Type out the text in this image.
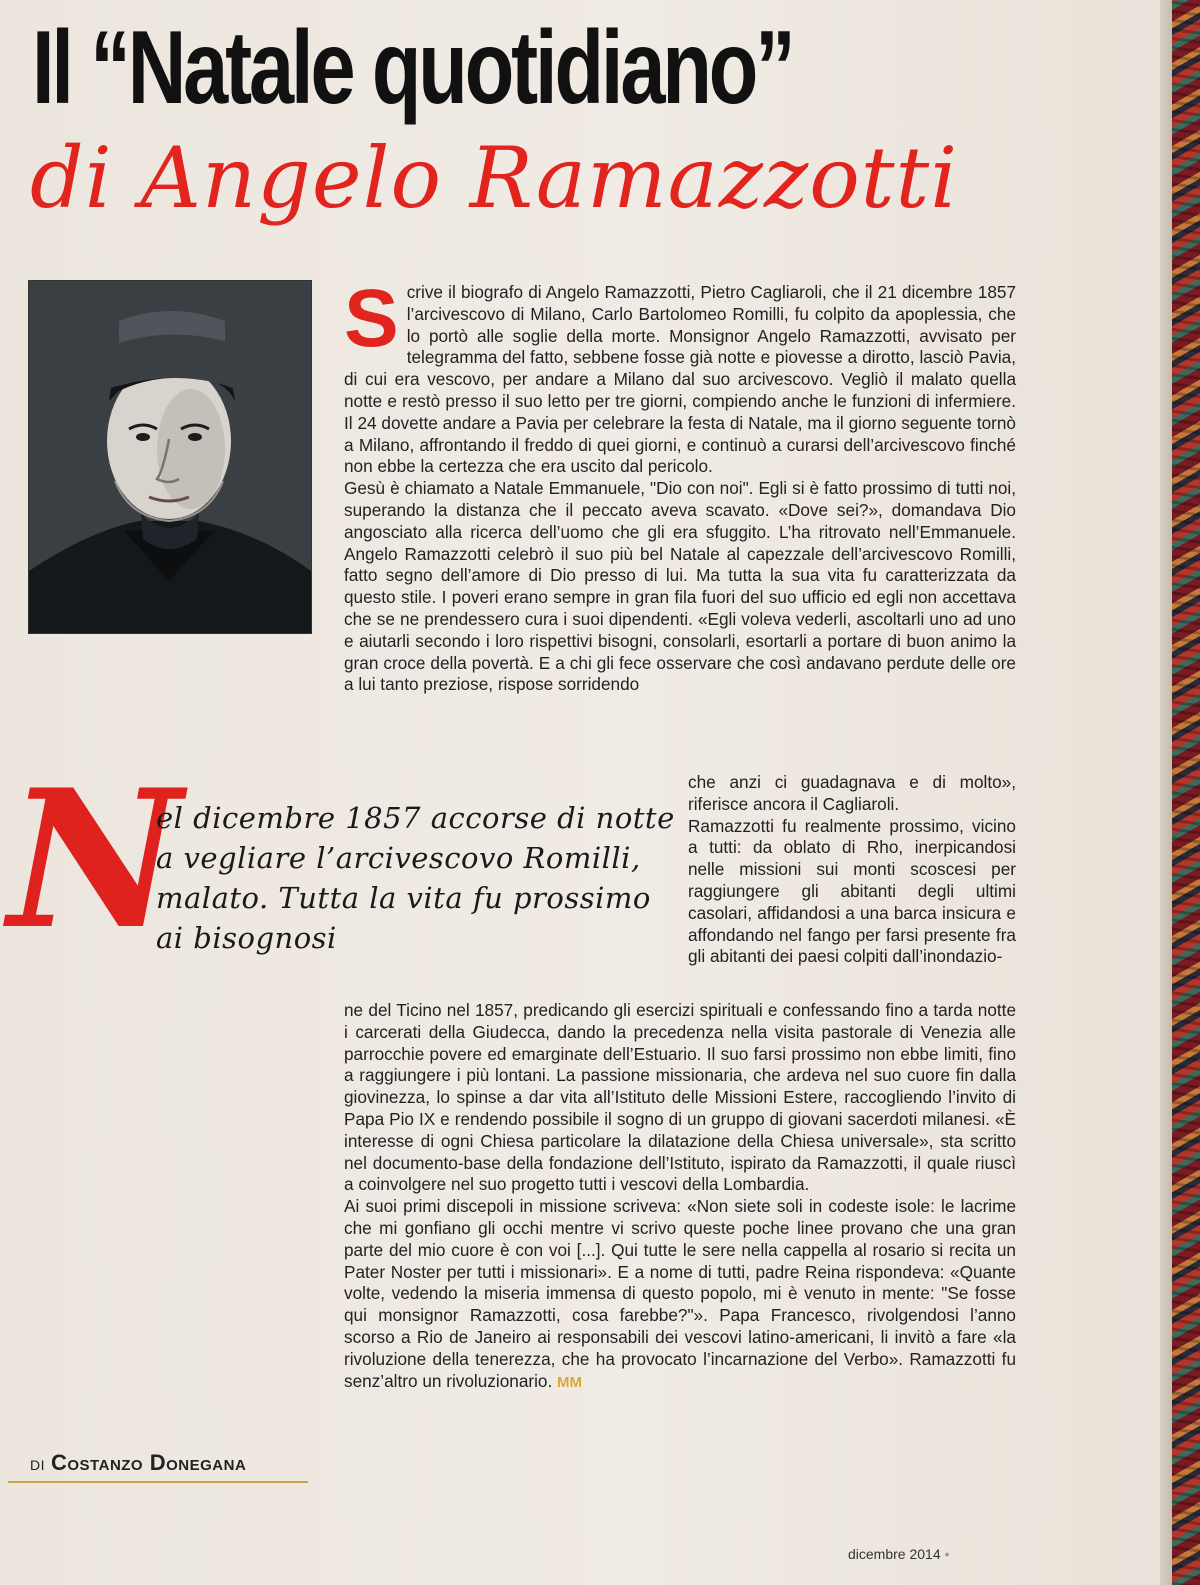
Il “Natale quotidiano”
di Angelo Ramazzotti

Scrive il biografo di Angelo Ramazzotti, Pietro Cagliaroli, che il 21 dicembre 1857 l’arcivescovo di Milano, Carlo Bartolomeo Romilli, fu colpito da apoplessia, che lo portò alle soglie della morte. Monsignor Angelo Ramazzotti, avvisato per telegramma del fatto, sebbene fosse già notte e piovesse a dirotto, lasciò Pavia, di cui era vescovo, per andare a Milano dal suo arcivescovo. Vegliò il malato quella notte e restò presso il suo letto per tre giorni, compiendo anche le funzioni di infermiere. Il 24 dovette andare a Pavia per celebrare la festa di Natale, ma il giorno seguente tornò a Milano, affrontando il freddo di quei giorni, e continuò a curarsi dell’arcivescovo finché non ebbe la certezza che era uscito dal pericolo.

Gesù è chiamato a Natale Emmanuele, "Dio con noi". Egli si è fatto prossimo di tutti noi, superando la distanza che il peccato aveva scavato. «Dove sei?», domandava Dio angosciato alla ricerca dell’uomo che gli era sfuggito. L’ha ritrovato nell’Emmanuele. Angelo Ramazzotti celebrò il suo più bel Natale al capezzale dell’arcivescovo Romilli, fatto segno dell’amore di Dio presso di lui. Ma tutta la sua vita fu caratterizzata da questo stile. I poveri erano sempre in gran fila fuori del suo ufficio ed egli non accettava che se ne prendessero cura i suoi dipendenti. «Egli voleva vederli, ascoltarli uno ad uno e aiutarli secondo i loro rispettivi bisogni, consolarli, esortarli a portare di buon animo la gran croce della povertà. E a chi gli fece osservare che così andavano perdute delle ore a lui tanto preziose, rispose sorridendo

N
el dicembre 1857 accorse di notte a vegliare l’arcivescovo Romilli, malato. Tutta la vita fu prossimo ai bisognosi

che anzi ci guadagnava e di molto», riferisce ancora il Cagliaroli.

Ramazzotti fu realmente prossimo, vicino a tutti: da oblato di Rho, inerpicandosi nelle missioni sui monti scoscesi per raggiungere gli abitanti degli ultimi casolari, affidandosi a una barca insicura e affondando nel fango per farsi presente fra gli abitanti dei paesi colpiti dall’inondazio-

ne del Ticino nel 1857, predicando gli esercizi spirituali e confessando fino a tarda notte i carcerati della Giudecca, dando la precedenza nella visita pastorale di Venezia alle parrocchie povere ed emarginate dell’Estuario. Il suo farsi prossimo non ebbe limiti, fino a raggiungere i più lontani. La passione missionaria, che ardeva nel suo cuore fin dalla giovinezza, lo spinse a dar vita all’Istituto delle Missioni Estere, raccogliendo l’invito di Papa Pio IX e rendendo possibile il sogno di un gruppo di giovani sacerdoti milanesi. «È interesse di ogni Chiesa particolare la dilatazione della Chiesa universale», sta scritto nel documento-base della fondazione dell’Istituto, ispirato da Ramazzotti, il quale riuscì a coinvolgere nel suo progetto tutti i vescovi della Lombardia.

Ai suoi primi discepoli in missione scriveva: «Non siete soli in codeste isole: le lacrime che mi gonfiano gli occhi mentre vi scrivo queste poche linee provano che una gran parte del mio cuore è con voi [...]. Qui tutte le sere nella cappella al rosario si recita un Pater Noster per tutti i missionari». E a nome di tutti, padre Reina rispondeva: «Quante volte, vedendo la miseria immensa di questo popolo, mi è venuto in mente: "Se fosse qui monsignor Ramazzotti, cosa farebbe?"». Papa Francesco, rivolgendosi l’anno scorso a Rio de Janeiro ai responsabili dei vescovi latino-americani, li invitò a fare «la rivoluzione della tenerezza, che ha provocato l’incarnazione del Verbo». Ramazzotti fu senz’altro un rivoluzionario. MM

DI Costanzo Donegana
dicembre 2014 •
